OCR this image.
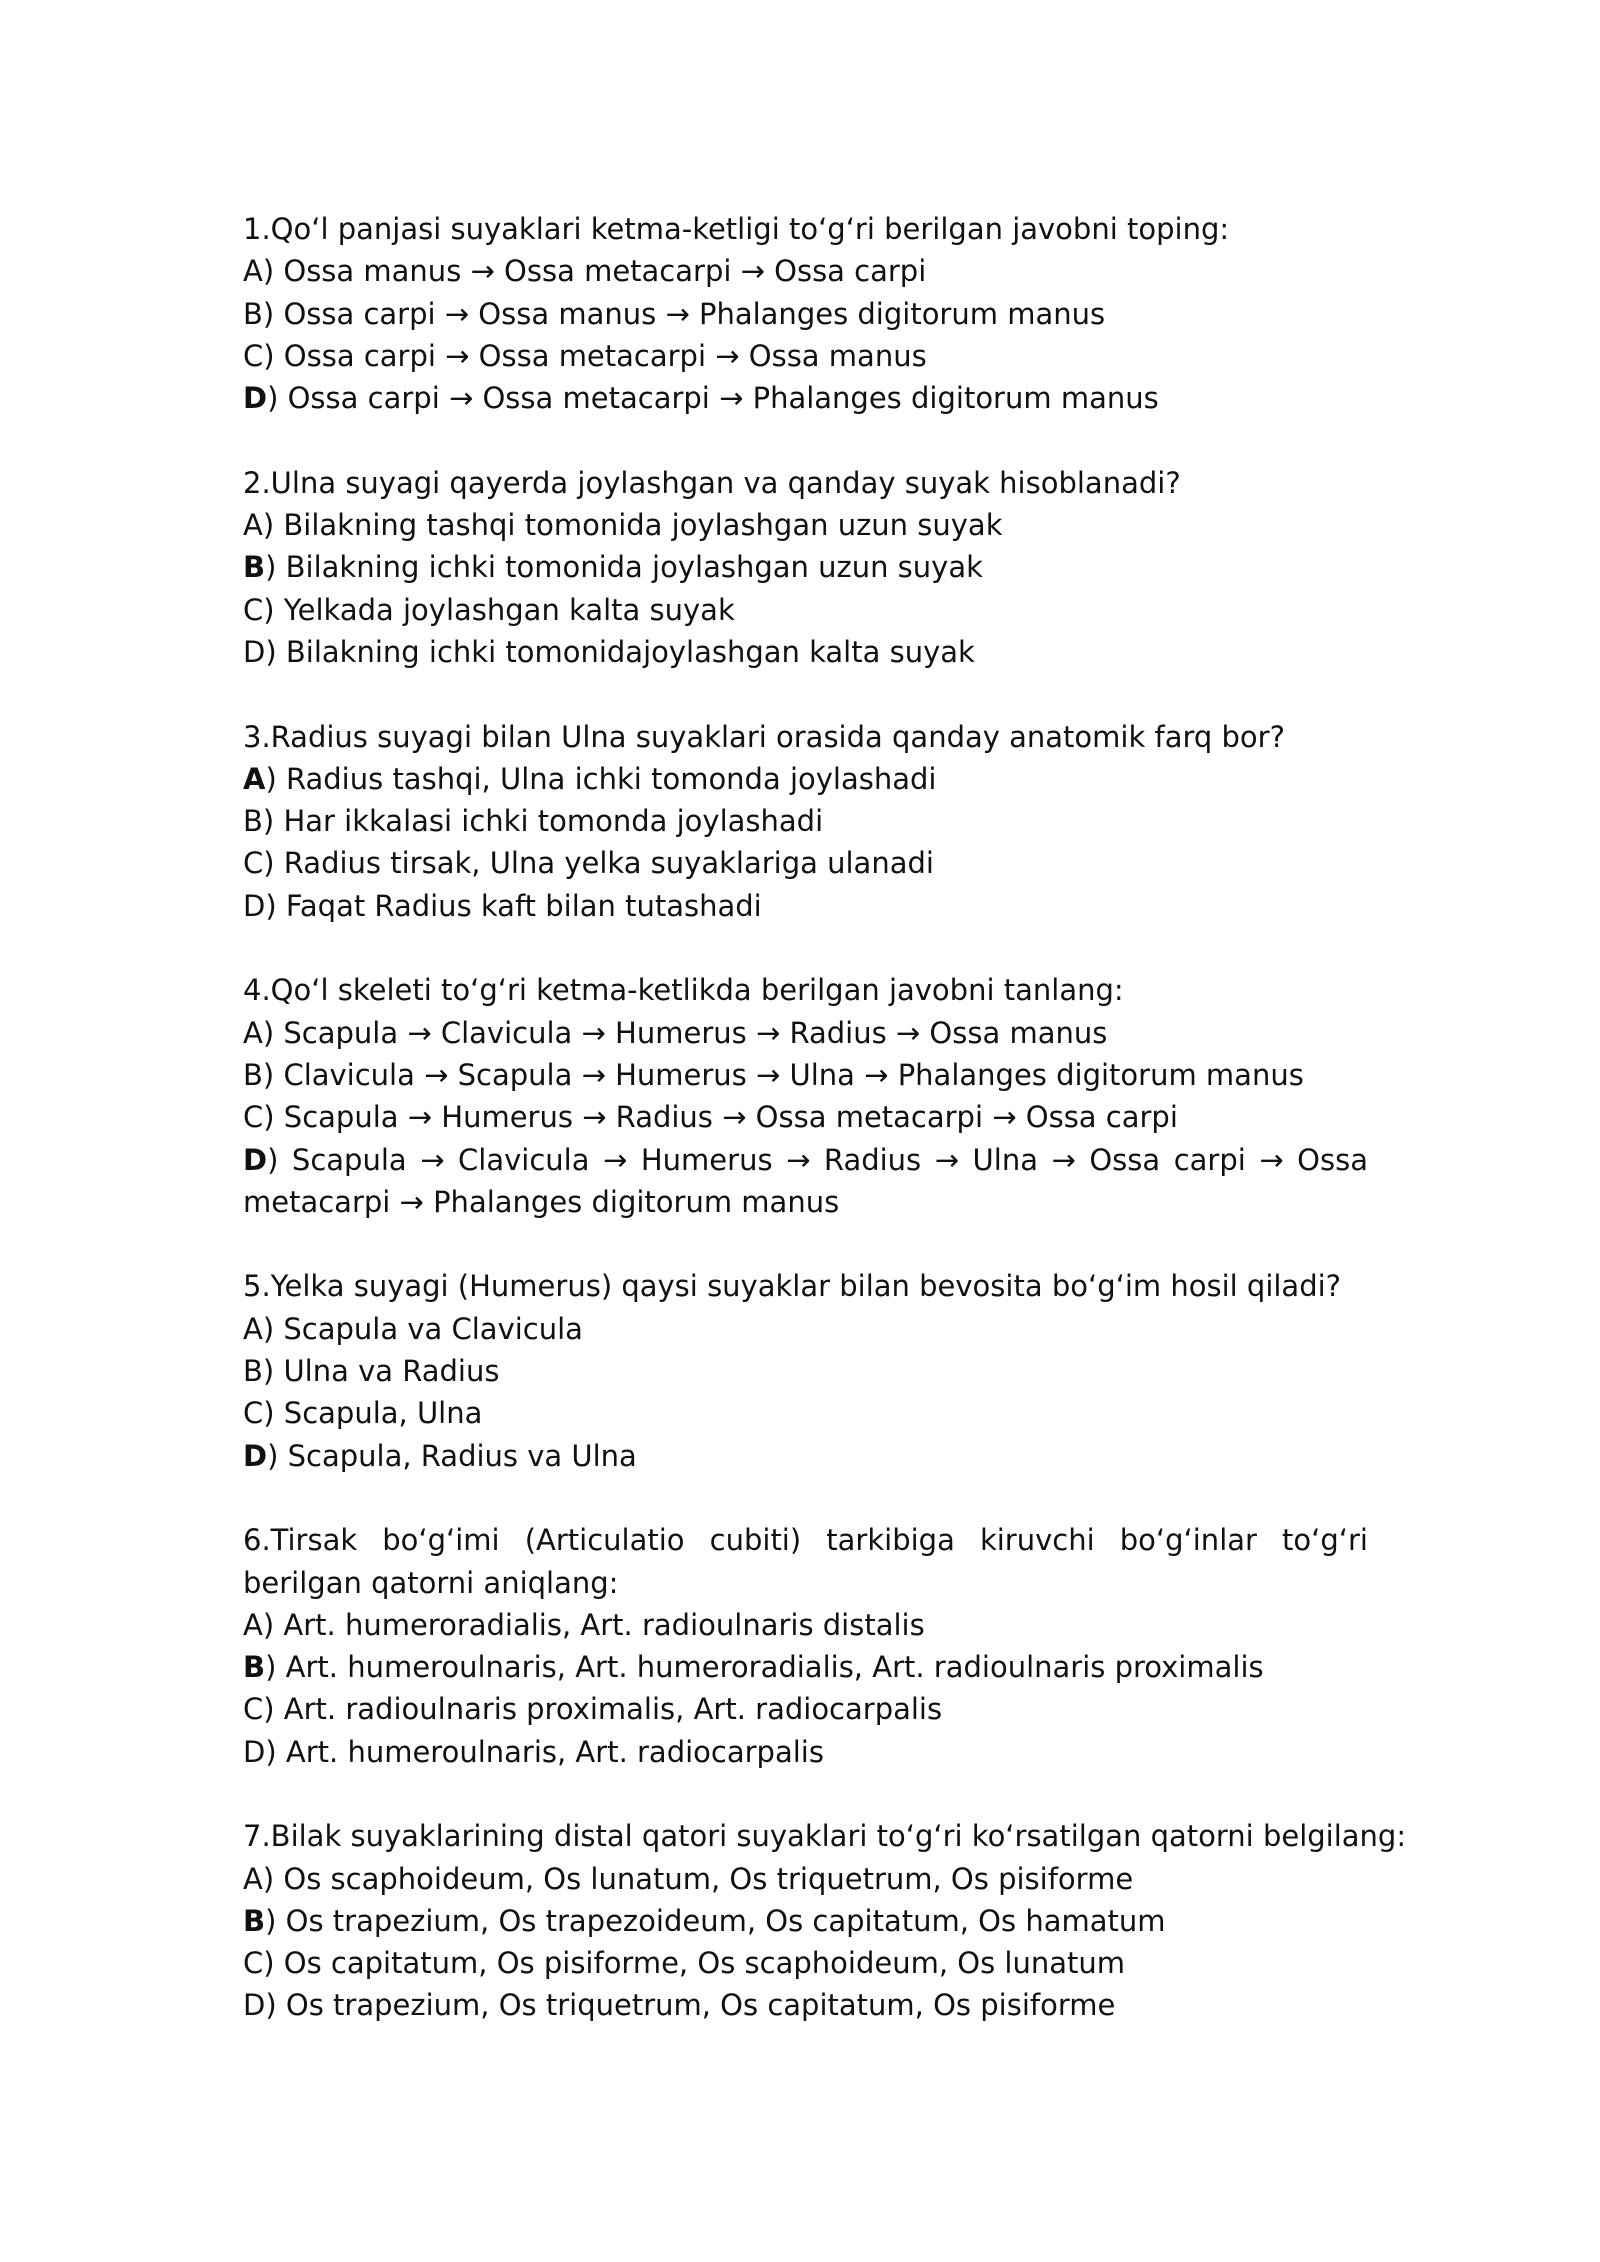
1.Qo‘l panjasi suyaklari ketma-ketligi to‘g‘ri berilgan javobni toping:
A) Ossa manus → Ossa metacarpi → Ossa carpi
B) Ossa carpi → Ossa manus → Phalanges digitorum manus
C) Ossa carpi → Ossa metacarpi → Ossa manus
D) Ossa carpi → Ossa metacarpi → Phalanges digitorum manus
2.Ulna suyagi qayerda joylashgan va qanday suyak hisoblanadi?
A) Bilakning tashqi tomonida joylashgan uzun suyak
B) Bilakning ichki tomonida joylashgan uzun suyak
C) Yelkada joylashgan kalta suyak
D) Bilakning ichki tomonidajoylashgan kalta suyak
3.Radius suyagi bilan Ulna suyaklari orasida qanday anatomik farq bor?
A) Radius tashqi, Ulna ichki tomonda joylashadi
B) Har ikkalasi ichki tomonda joylashadi
C) Radius tirsak, Ulna yelka suyaklariga ulanadi
D) Faqat Radius kaft bilan tutashadi
4.Qo‘l skeleti to‘g‘ri ketma-ketlikda berilgan javobni tanlang:
A) Scapula → Clavicula → Humerus → Radius → Ossa manus
B) Clavicula → Scapula → Humerus → Ulna → Phalanges digitorum manus
C) Scapula → Humerus → Radius → Ossa metacarpi → Ossa carpi
D) Scapula → Clavicula → Humerus → Radius → Ulna → Ossa carpi → Ossa metacarpi → Phalanges digitorum manus
5.Yelka suyagi (Humerus) qaysi suyaklar bilan bevosita bo‘g‘im hosil qiladi?
A) Scapula va Clavicula
B) Ulna va Radius
C) Scapula, Ulna
D) Scapula, Radius va Ulna
6.Tirsak bo‘g‘imi (Articulatio cubiti) tarkibiga kiruvchi bo‘g‘inlar to‘g‘ri berilgan qatorni aniqlang:
A) Art. humeroradialis, Art. radioulnaris distalis
B) Art. humeroulnaris, Art. humeroradialis, Art. radioulnaris proximalis
C) Art. radioulnaris proximalis, Art. radiocarpalis
D) Art. humeroulnaris, Art. radiocarpalis
7.Bilak suyaklarining distal qatori suyaklari to‘g‘ri ko‘rsatilgan qatorni belgilang:
A) Os scaphoideum, Os lunatum, Os triquetrum, Os pisiforme
B) Os trapezium, Os trapezoideum, Os capitatum, Os hamatum
C) Os capitatum, Os pisiforme, Os scaphoideum, Os lunatum
D) Os trapezium, Os triquetrum, Os capitatum, Os pisiforme
